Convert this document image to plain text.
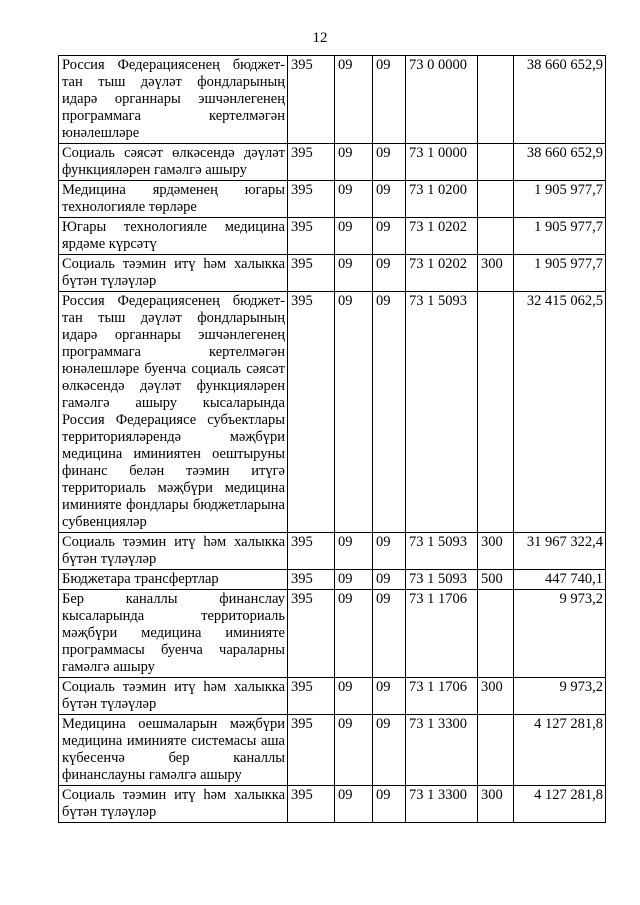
12
Россия Федерациясенең бюджет-тан тыш дәүләт фондларының идарә органнары эшчәнлегенең программага кертелмәгән юнәлешләре	395	09	09	73 0 0000		38 660 652,9
Социаль сәясәт өлкәсендә дәүләт функцияләрен гамәлгә ашыру	395	09	09	73 1 0000		38 660 652,9
Медицина ярдәменең югары технологияле төрләре	395	09	09	73 1 0200		1 905 977,7
Югары технологияле медицина ярдәме күрсәтү	395	09	09	73 1 0202		1 905 977,7
Социаль тәэмин итү һәм халыкка бүтән түләүләр	395	09	09	73 1 0202	300	1 905 977,7
Россия Федерациясенең бюджет-тан тыш дәүләт фондларының идарә органнары эшчәнлегенең программага кертелмәгән юнәлешләре буенча социаль сәясәт өлкәсендә дәүләт функцияләрен гамәлгә ашыру кысаларында Россия Федерациясе субъектлары территорияләрендә мәҗбүри медицина иминиятен оештыруны финанс белән тәэмин итүгә территориаль мәҗбүри медицина иминияте фондлары бюджетларына субвенцияләр	395	09	09	73 1 5093		32 415 062,5
Социаль тәэмин итү һәм халыкка бүтән түләүләр	395	09	09	73 1 5093	300	31 967 322,4
Бюджетара трансфертлар	395	09	09	73 1 5093	500	447 740,1
Бер каналлы финанслау кысаларында территориаль мәҗбүри медицина иминияте программасы буенча чараларны гамәлгә ашыру	395	09	09	73 1 1706		9 973,2
Социаль тәэмин итү һәм халыкка бүтән түләүләр	395	09	09	73 1 1706	300	9 973,2
Медицина оешмаларын мәҗбүри медицина иминияте системасы аша күбесенчә бер каналлы финанслауны гамәлгә ашыру	395	09	09	73 1 3300		4 127 281,8
Социаль тәэмин итү һәм халыкка бүтән түләүләр	395	09	09	73 1 3300	300	4 127 281,8
